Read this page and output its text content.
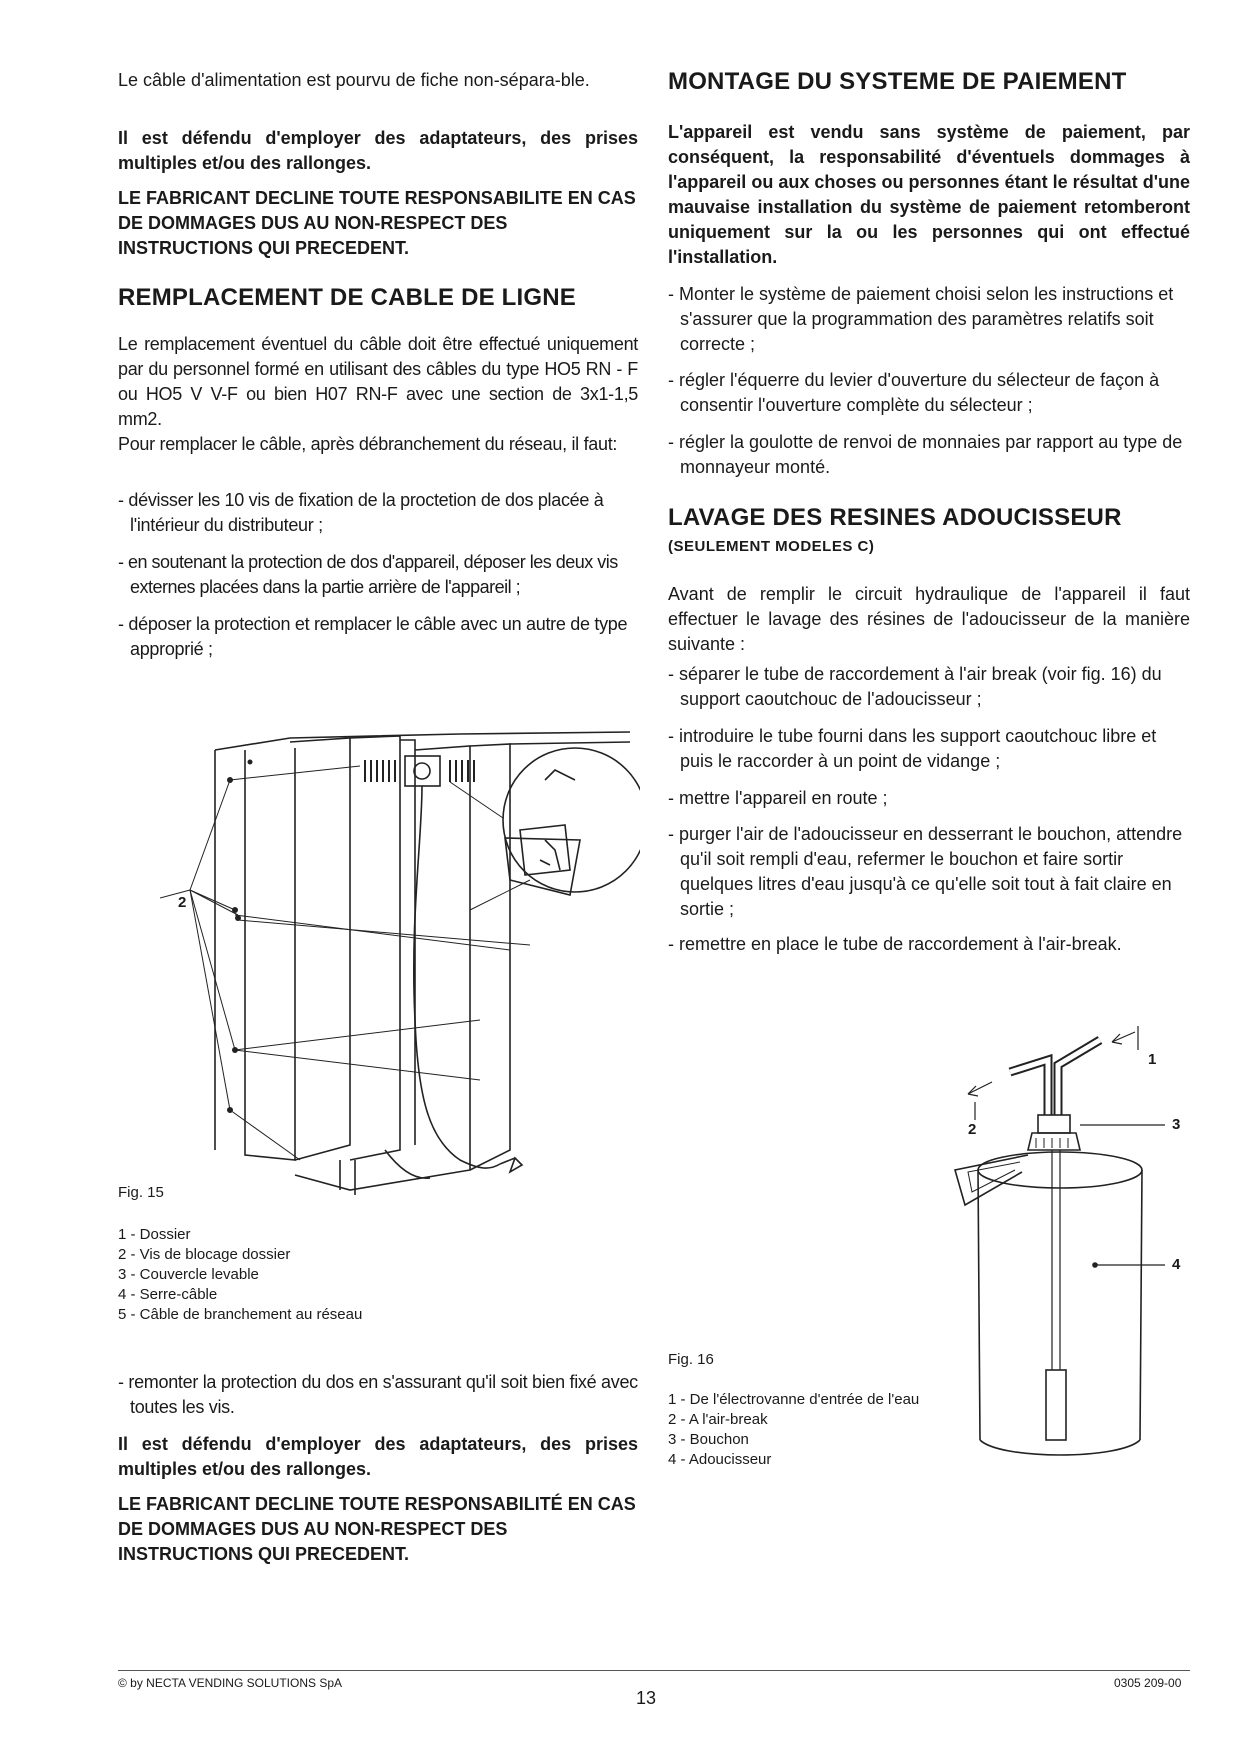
Le câble d'alimentation est pourvu de fiche non-sépara-ble.

Il est défendu d'employer des adaptateurs, des prises multiples et/ou des rallonges.

LE FABRICANT DECLINE TOUTE RESPONSABILITE EN CAS DE DOMMAGES DUS AU NON-RESPECT DES INSTRUCTIONS QUI PRECEDENT.

REMPLACEMENT DE CABLE DE LIGNE

Le remplacement éventuel du câble doit être effectué uniquement par du personnel formé en utilisant des câbles du type HO5 RN - F ou HO5 V V-F ou bien H07 RN-F avec une section de 3x1-1,5 mm2.

Pour remplacer le câble, après débranchement du réseau, il faut:

- dévisser les 10 vis de fixation de la proctetion de dos placée à l'intérieur du distributeur ;

- en soutenant la protection de dos d'appareil, déposer les deux vis externes placées dans la partie arrière de l'appareil ;

- déposer la protection et remplacer le câble avec un autre de type approprié ;

2
Fig. 15
1 - Dossier
2 - Vis de blocage dossier
3 - Couvercle levable
4 - Serre-câble
5 - Câble de branchement au réseau

- remonter la protection du dos en s'assurant qu'il soit bien fixé avec toutes les vis.

Il est défendu d'employer des adaptateurs, des prises multiples et/ou des rallonges.

LE FABRICANT DECLINE TOUTE RESPONSABILITÉ EN CAS DE DOMMAGES DUS AU NON-RESPECT DES INSTRUCTIONS QUI PRECEDENT.

MONTAGE DU SYSTEME DE PAIEMENT

L'appareil est vendu sans système de paiement, par conséquent, la responsabilité d'éventuels dommages à l'appareil ou aux choses ou personnes étant le résultat d'une mauvaise installation du système de paiement retomberont uniquement sur la ou les personnes qui ont effectué l'installation.

- Monter le système de paiement choisi selon les instructions et s'assurer que la programmation des paramètres relatifs soit correcte ;

- régler l'équerre du levier d'ouverture du sélecteur de façon à consentir l'ouverture complète du sélecteur ;

- régler la goulotte de renvoi de monnaies par rapport au type de monnayeur monté.

LAVAGE DES RESINES ADOUCISSEUR
(SEULEMENT MODELES C)

Avant de remplir le circuit hydraulique de l'appareil il faut effectuer le lavage des résines de l'adoucisseur de la manière suivante :

- séparer le tube de raccordement à l'air break (voir fig. 16) du support caoutchouc de l'adoucisseur ;

- introduire le tube fourni dans les support caoutchouc libre et puis le raccorder à un point de vidange ;

- mettre l'appareil en route ;

- purger l'air de l'adoucisseur en desserrant le bouchon, attendre qu'il soit rempli d'eau, refermer le bouchon et faire sortir quelques litres d'eau jusqu'à ce qu'elle soit tout à fait claire en sortie ;

- remettre en place le tube de raccordement à l'air-break.

1
2	3
4
Fig. 16
1 - De l'électrovanne d'entrée de l'eau
2 - A l'air-break
3 - Bouchon
4 - Adoucisseur
© by NECTA VENDING SOLUTIONS SpA
13
0305 209-00
